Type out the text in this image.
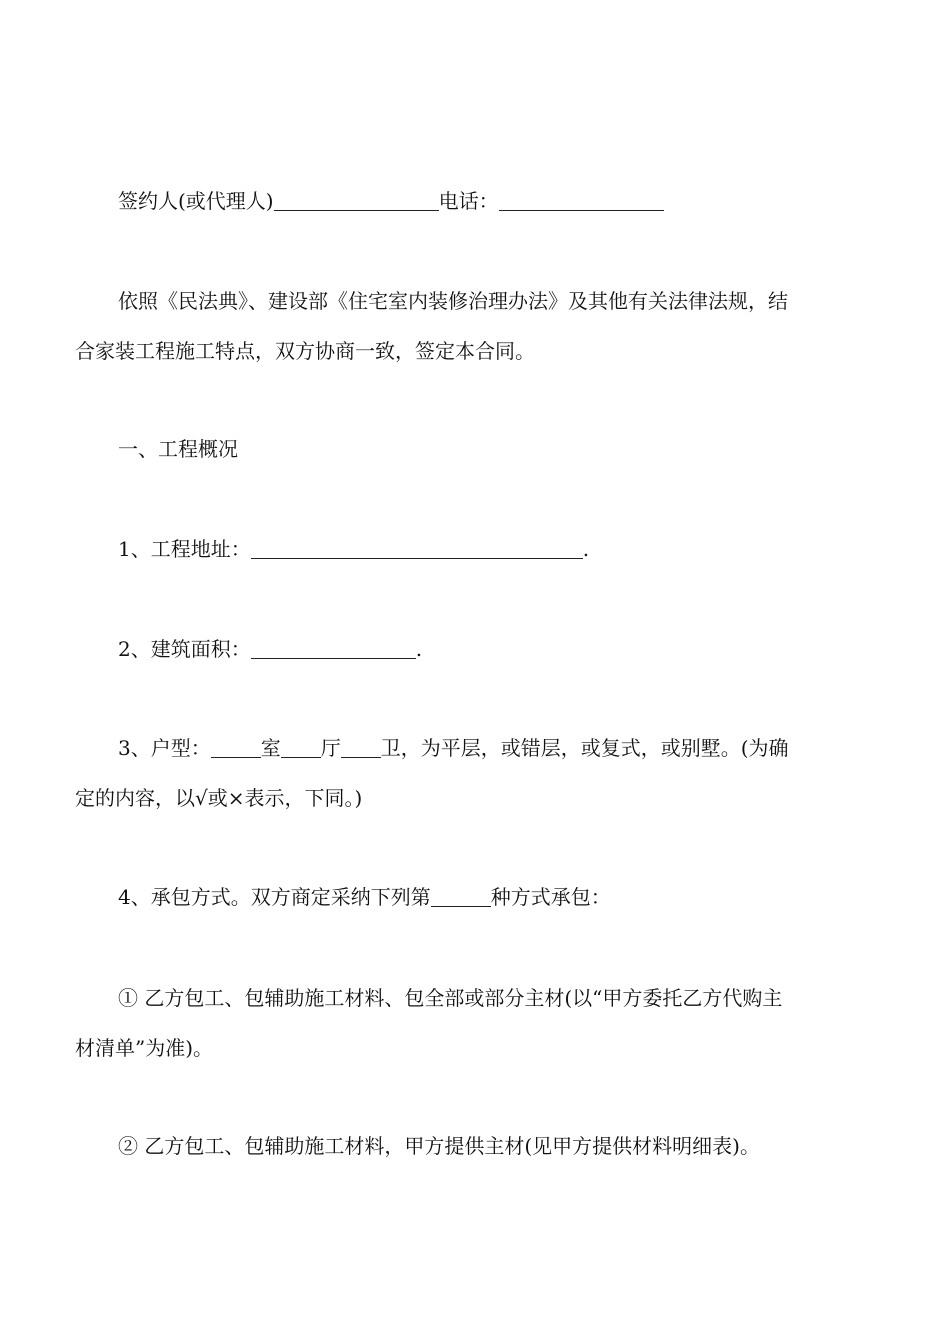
签约人(或代理人)	电话：
依照《民法典》、建设部《住宅室内装修治理办法》及其他有关法律法规，结
合家装工程施工特点，双方协商一致，签定本合同。
一、工程概况
1、工程地址：	.
2、建筑面积：	.
3、户型：	室 厅 卫，为平层，或错层，或复式，或别墅。(为确
定的内容，以√或×表示，下同。)
4、承包方式。双方商定采纳下列第	种方式承包：
① 乙方包工、包辅助施工材料、包全部或部分主材(以“甲方委托乙方代购主
材清单”为准)。
② 乙方包工、包辅助施工材料，甲方提供主材(见甲方提供材料明细表)。
